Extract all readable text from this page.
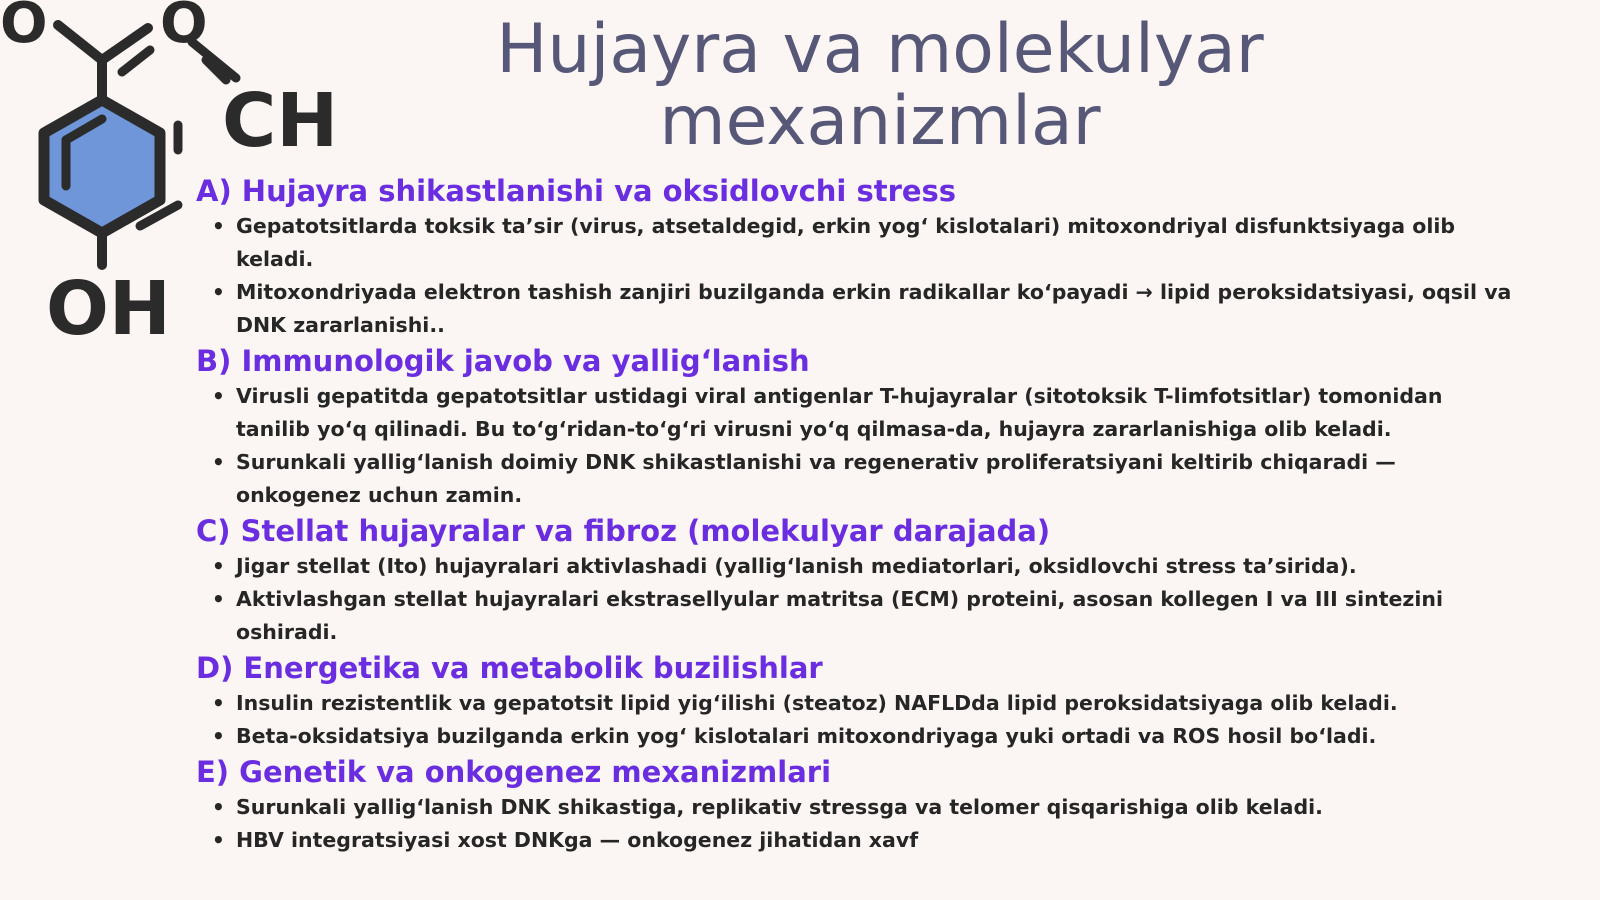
O O
CH
OH
Hujayra va molekulyar
mexanizmlar
A) Hujayra shikastlanishi va oksidlovchi stress
• Gepatotsitlarda toksik ta’sir (virus, atsetaldegid, erkin yog‘ kislotalari) mitoxondriyal disfunktsiyaga olib keladi.
• Mitoxondriyada elektron tashish zanjiri buzilganda erkin radikallar ko‘payadi → lipid peroksidatsiyasi, oqsil va DNK zararlanishi..
B) Immunologik javob va yallig‘lanish
• Virusli gepatitda gepatotsitlar ustidagi viral antigenlar T-hujayralar (sitotoksik T-limfotsitlar) tomonidan tanilib yo‘q qilinadi. Bu to‘g‘ridan-to‘g‘ri virusni yo‘q qilmasa-da, hujayra zararlanishiga olib keladi.
• Surunkali yallig‘lanish doimiy DNK shikastlanishi va regenerativ proliferatsiyani keltirib chiqaradi — onkogenez uchun zamin.
C) Stellat hujayralar va fibroz (molekulyar darajada)
• Jigar stellat (Ito) hujayralari aktivlashadi (yallig‘lanish mediatorlari, oksidlovchi stress ta’sirida).
• Aktivlashgan stellat hujayralari ekstrasellyular matritsa (ECM) proteini, asosan kollegen I va III sintezini oshiradi.
D) Energetika va metabolik buzilishlar
• Insulin rezistentlik va gepatotsit lipid yig‘ilishi (steatoz) NAFLDda lipid peroksidatsiyaga olib keladi.
• Beta-oksidatsiya buzilganda erkin yog‘ kislotalari mitoxondriyaga yuki ortadi va ROS hosil bo‘ladi.
E) Genetik va onkogenez mexanizmlari
• Surunkali yallig‘lanish DNK shikastiga, replikativ stressga va telomer qisqarishiga olib keladi.
• HBV integratsiyasi xost DNKga — onkogenez jihatidan xavf
